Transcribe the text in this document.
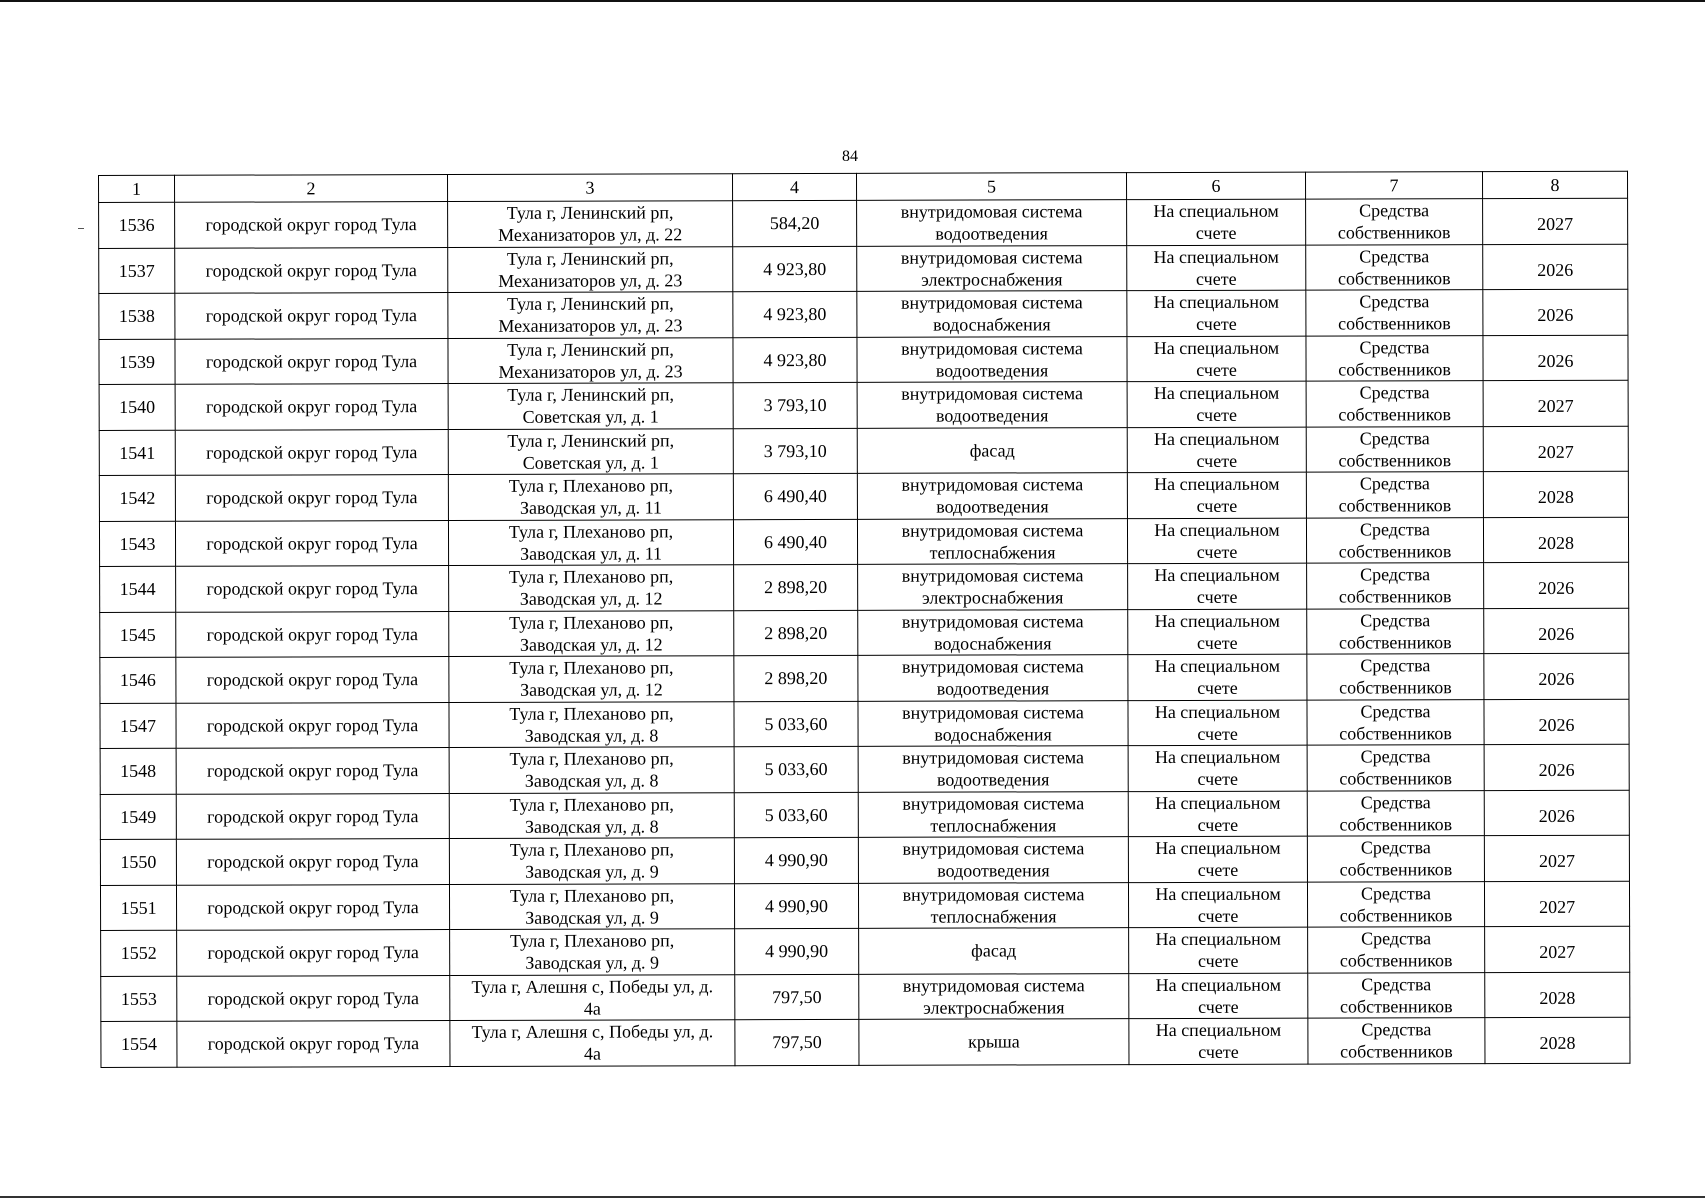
84
1	2	3	4	5	6	7	8

1536	городской округ город Тула	Тула г, Ленинский рп,
Механизаторов ул, д. 22	584,20	внутридомовая система
водоотведения	На специальном
счете	Средства
собственников	2027

1537	городской округ город Тула	Тула г, Ленинский рп,
Механизаторов ул, д. 23	4 923,80	внутридомовая система
электроснабжения	На специальном
счете	Средства
собственников	2026

1538	городской округ город Тула	Тула г, Ленинский рп,
Механизаторов ул, д. 23	4 923,80	внутридомовая система
водоснабжения	На специальном
счете	Средства
собственников	2026

1539	городской округ город Тула	Тула г, Ленинский рп,
Механизаторов ул, д. 23	4 923,80	внутридомовая система
водоотведения	На специальном
счете	Средства
собственников	2026

1540	городской округ город Тула	Тула г, Ленинский рп,
Советская ул, д. 1	3 793,10	внутридомовая система
водоотведения	На специальном
счете	Средства
собственников	2027

1541	городской округ город Тула	Тула г, Ленинский рп,
Советская ул, д. 1	3 793,10	фасад	На специальном
счете	Средства
собственников	2027

1542	городской округ город Тула	Тула г, Плеханово рп,
Заводская ул, д. 11	6 490,40	внутридомовая система
водоотведения	На специальном
счете	Средства
собственников	2028

1543	городской округ город Тула	Тула г, Плеханово рп,
Заводская ул, д. 11	6 490,40	внутридомовая система
теплоснабжения	На специальном
счете	Средства
собственников	2028

1544	городской округ город Тула	Тула г, Плеханово рп,
Заводская ул, д. 12	2 898,20	внутридомовая система
электроснабжения	На специальном
счете	Средства
собственников	2026

1545	городской округ город Тула	Тула г, Плеханово рп,
Заводская ул, д. 12	2 898,20	внутридомовая система
водоснабжения	На специальном
счете	Средства
собственников	2026

1546	городской округ город Тула	Тула г, Плеханово рп,
Заводская ул, д. 12	2 898,20	внутридомовая система
водоотведения	На специальном
счете	Средства
собственников	2026

1547	городской округ город Тула	Тула г, Плеханово рп,
Заводская ул, д. 8	5 033,60	внутридомовая система
водоснабжения	На специальном
счете	Средства
собственников	2026

1548	городской округ город Тула	Тула г, Плеханово рп,
Заводская ул, д. 8	5 033,60	внутридомовая система
водоотведения	На специальном
счете	Средства
собственников	2026

1549	городской округ город Тула	Тула г, Плеханово рп,
Заводская ул, д. 8	5 033,60	внутридомовая система
теплоснабжения	На специальном
счете	Средства
собственников	2026

1550	городской округ город Тула	Тула г, Плеханово рп,
Заводская ул, д. 9	4 990,90	внутридомовая система
водоотведения	На специальном
счете	Средства
собственников	2027

1551	городской округ город Тула	Тула г, Плеханово рп,
Заводская ул, д. 9	4 990,90	внутридомовая система
теплоснабжения	На специальном
счете	Средства
собственников	2027

1552	городской округ город Тула	Тула г, Плеханово рп,
Заводская ул, д. 9	4 990,90	фасад	На специальном
счете	Средства
собственников	2027

1553	городской округ город Тула	Тула г, Алешня с, Победы ул, д.
4а	797,50	внутридомовая система
электроснабжения	На специальном
счете	Средства
собственников	2028

1554	городской округ город Тула	Тула г, Алешня с, Победы ул, д.
4а	797,50	крыша	На специальном
счете	Средства
собственников	2028
